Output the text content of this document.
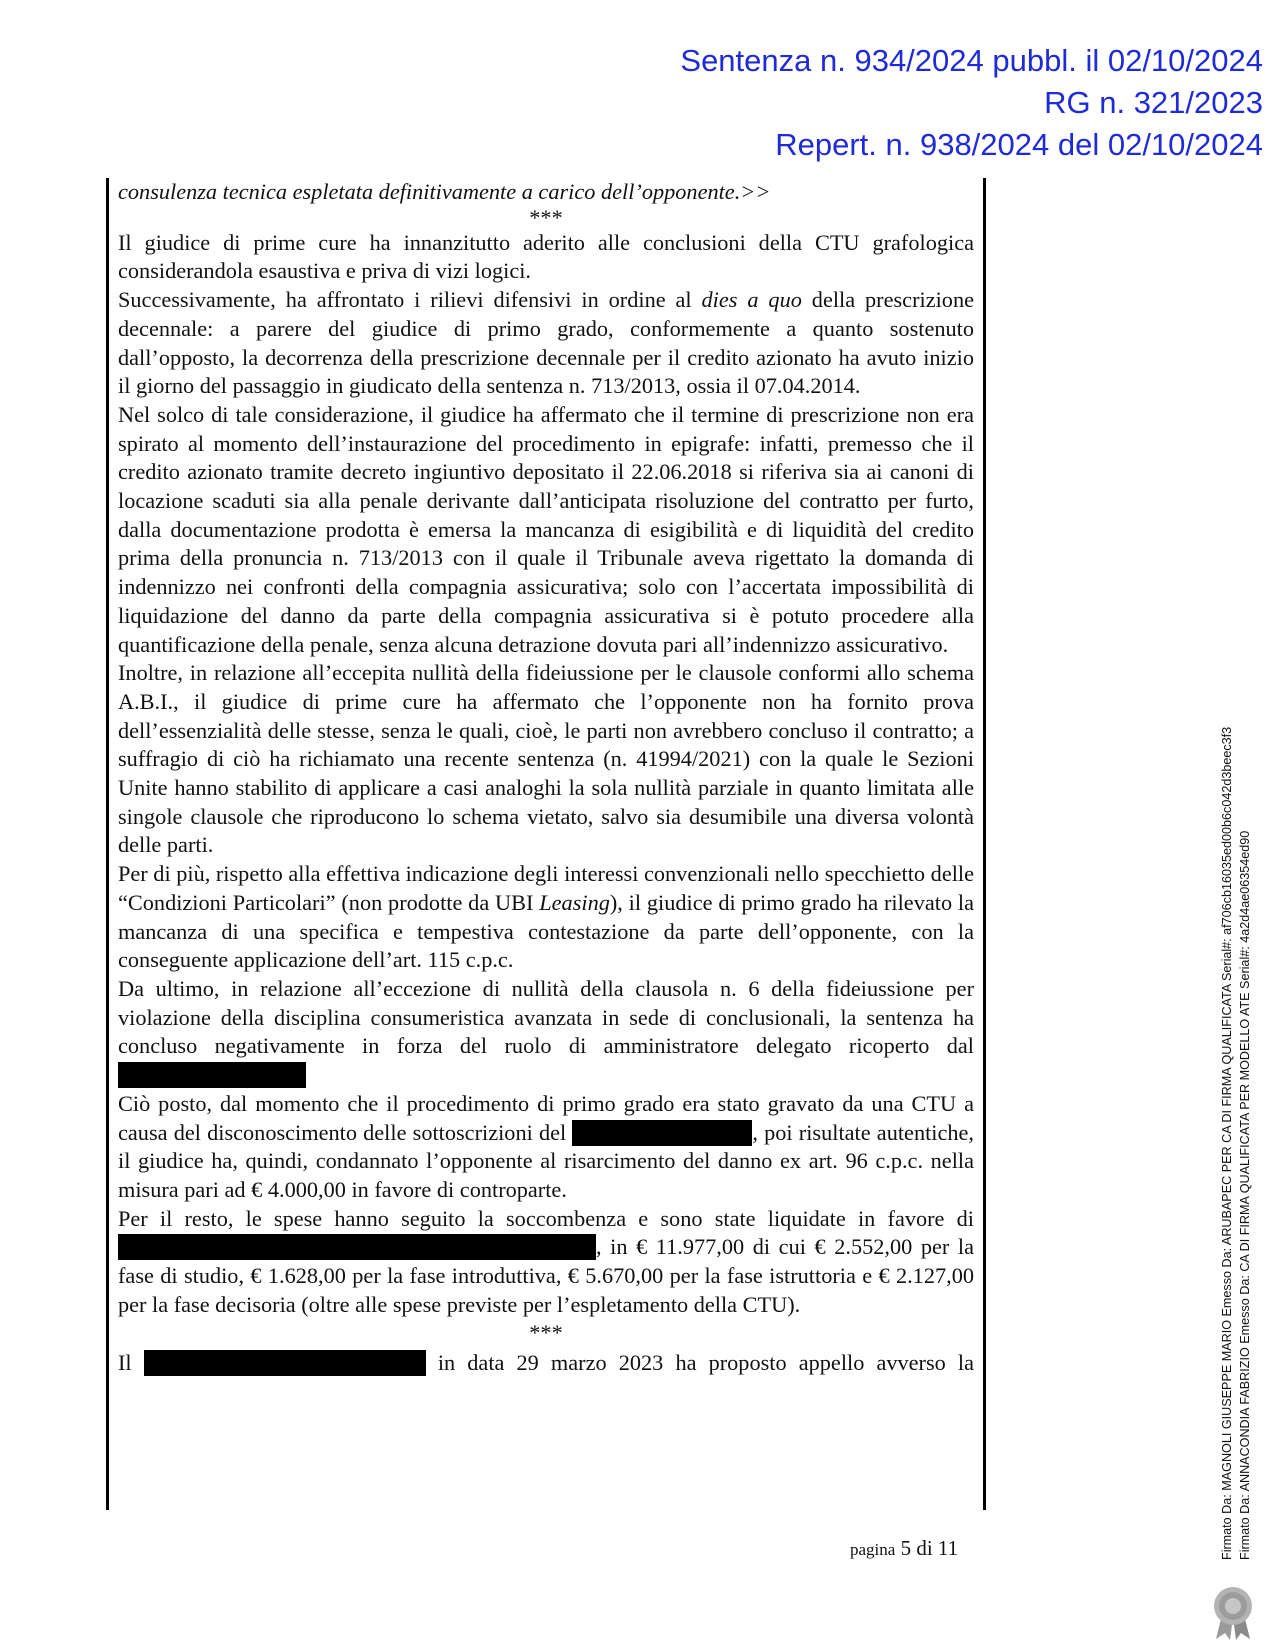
Sentenza n. 934/2024 pubbl. il 02/10/2024
RG n. 321/2023
Repert. n. 938/2024 del 02/10/2024

consulenza tecnica espletata definitivamente a carico dell’opponente.>>

***

Il giudice di prime cure ha innanzitutto aderito alle conclusioni della CTU grafologica considerandola esaustiva e priva di vizi logici.

Successivamente, ha affrontato i rilievi difensivi in ordine al dies a quo della prescrizione decennale: a parere del giudice di primo grado, conformemente a quanto sostenuto dall’opposto, la decorrenza della prescrizione decennale per il credito azionato ha avuto inizio il giorno del passaggio in giudicato della sentenza n. 713/2013, ossia il 07.04.2014.

Nel solco di tale considerazione, il giudice ha affermato che il termine di prescrizione non era spirato al momento dell’instaurazione del procedimento in epigrafe: infatti, premesso che il credito azionato tramite decreto ingiuntivo depositato il 22.06.2018 si riferiva sia ai canoni di locazione scaduti sia alla penale derivante dall’anticipata risoluzione del contratto per furto, dalla documentazione prodotta è emersa la mancanza di esigibilità e di liquidità del credito prima della pronuncia n. 713/2013 con il quale il Tribunale aveva rigettato la domanda di indennizzo nei confronti della compagnia assicurativa; solo con l’accertata impossibilità di liquidazione del danno da parte della compagnia assicurativa si è potuto procedere alla quantificazione della penale, senza alcuna detrazione dovuta pari all’indennizzo assicurativo.

Inoltre, in relazione all’eccepita nullità della fideiussione per le clausole conformi allo schema A.B.I., il giudice di prime cure ha affermato che l’opponente non ha fornito prova dell’essenzialità delle stesse, senza le quali, cioè, le parti non avrebbero concluso il contratto; a suffragio di ciò ha richiamato una recente sentenza (n. 41994/2021) con la quale le Sezioni Unite hanno stabilito di applicare a casi analoghi la sola nullità parziale in quanto limitata alle singole clausole che riproducono lo schema vietato, salvo sia desumibile una diversa volontà delle parti.

Per di più, rispetto alla effettiva indicazione degli interessi convenzionali nello specchietto delle “Condizioni Particolari” (non prodotte da UBI Leasing), il giudice di primo grado ha rilevato la mancanza di una specifica e tempestiva contestazione da parte dell’opponente, con la conseguente applicazione dell’art. 115 c.p.c.

Da ultimo, in relazione all’eccezione di nullità della clausola n. 6 della fideiussione per violazione della disciplina consumeristica avanzata in sede di conclusionali, la sentenza ha concluso negativamente in forza del ruolo di amministratore delegato ricoperto dal

Ciò posto, dal momento che il procedimento di primo grado era stato gravato da una CTU a causa del disconoscimento delle sottoscrizioni del	, poi risultate autentiche, il giudice ha, quindi, condannato l’opponente al risarcimento del danno ex art. 96 c.p.c. nella misura pari ad € 4.000,00 in favore di controparte.

Per il resto, le spese hanno seguito la soccombenza e sono state liquidate in favore di , in € 11.977,00 di cui € 2.552,00 per la fase di studio, € 1.628,00 per la fase introduttiva, € 5.670,00 per la fase istruttoria e € 2.127,00 per la fase decisoria (oltre alle spese previste per l’espletamento della CTU).

***

Il	in data 29 marzo 2023 ha proposto appello avverso la

pagina 5 di 11	Firmato Da: MAGNOLI GIUSEPPE MARIO Emesso Da: ARUBAPEC PER CA DI FIRMA QUALIFICATA Serial#: af706cb16035ed00b6c042d3beec3f3 Firmato Da: ANNACONDIA FABRIZIO Emesso Da: CA DI FIRMA QUALIFICATA PER MODELLO ATE Serial#: 4a2d4ae06354ed90
